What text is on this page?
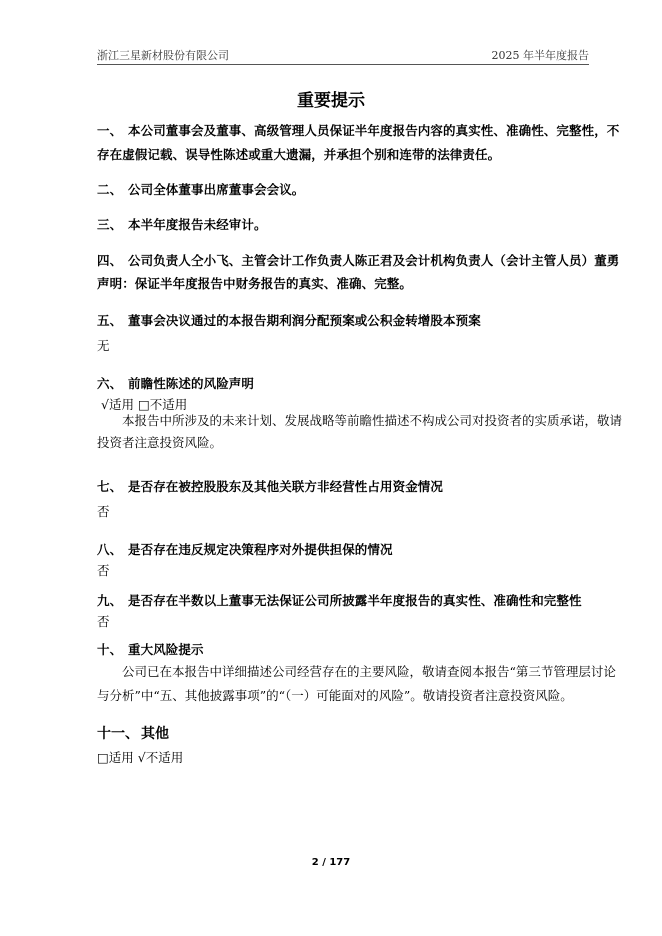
浙江三星新材股份有限公司	2025 年半年度报告
重要提示
一、 本公司董事会及董事、高级管理人员保证半年度报告内容的真实性、准确性、完整性，不
存在虚假记载、误导性陈述或重大遗漏，并承担个别和连带的法律责任。
二、 公司全体董事出席董事会会议。
三、 本半年度报告未经审计。
四、 公司负责人仝小飞、主管会计工作负责人陈正君及会计机构负责人（会计主管人员）董勇
声明：保证半年度报告中财务报告的真实、准确、完整。
五、 董事会决议通过的本报告期利润分配预案或公积金转增股本预案
无
六、 前瞻性陈述的风险声明
√适用 □不适用
本报告中所涉及的未来计划、发展战略等前瞻性描述不构成公司对投资者的实质承诺，敬请
投资者注意投资风险。
七、 是否存在被控股股东及其他关联方非经营性占用资金情况
否
八、 是否存在违反规定决策程序对外提供担保的情况
否
九、 是否存在半数以上董事无法保证公司所披露半年度报告的真实性、准确性和完整性
否
十、 重大风险提示
公司已在本报告中详细描述公司经营存在的主要风险，敬请查阅本报告“第三节管理层讨论
与分析”中“五、其他披露事项”的“（一）可能面对的风险”。敬请投资者注意投资风险。
十一、 其他
□适用 √不适用
2 / 177
